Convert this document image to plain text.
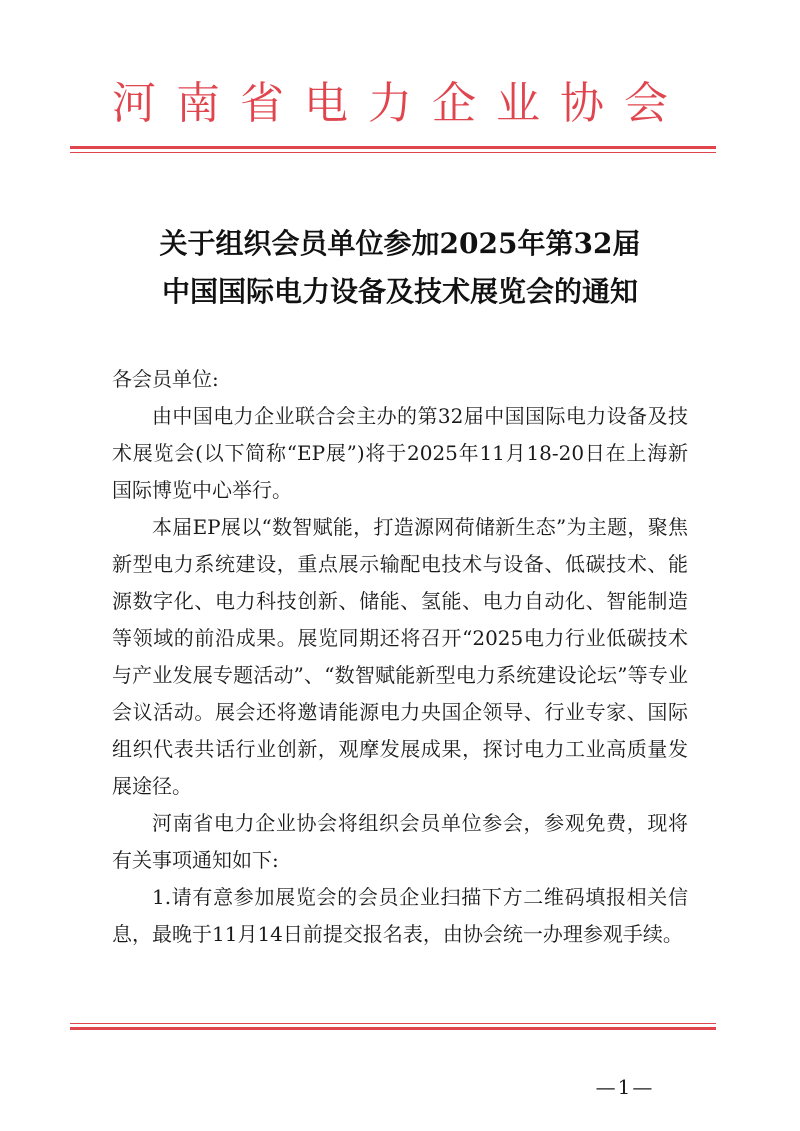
河南省电力企业协会
关于组织会员单位参加2025年第32届
中国国际电力设备及技术展览会的通知
各会员单位:

由中国电力企业联合会主办的第32届中国国际电力设备及技术展览会(以下简称“EP展”)将于2025年11月18-20日在上海新国际博览中心举行。

本届EP展以“数智赋能，打造源网荷储新生态”为主题，聚焦新型电力系统建设，重点展示输配电技术与设备、低碳技术、能源数字化、电力科技创新、储能、氢能、电力自动化、智能制造等领域的前沿成果。展览同期还将召开“2025电力行业低碳技术与产业发展专题活动”、“数智赋能新型电力系统建设论坛”等专业会议活动。展会还将邀请能源电力央国企领导、行业专家、国际组织代表共话行业创新，观摩发展成果，探讨电力工业高质量发展途径。

河南省电力企业协会将组织会员单位参会，参观免费，现将有关事项通知如下:

1.请有意参加展览会的会员企业扫描下方二维码填报相关信息，最晚于11月14日前提交报名表，由协会统一办理参观手续。

—1—
